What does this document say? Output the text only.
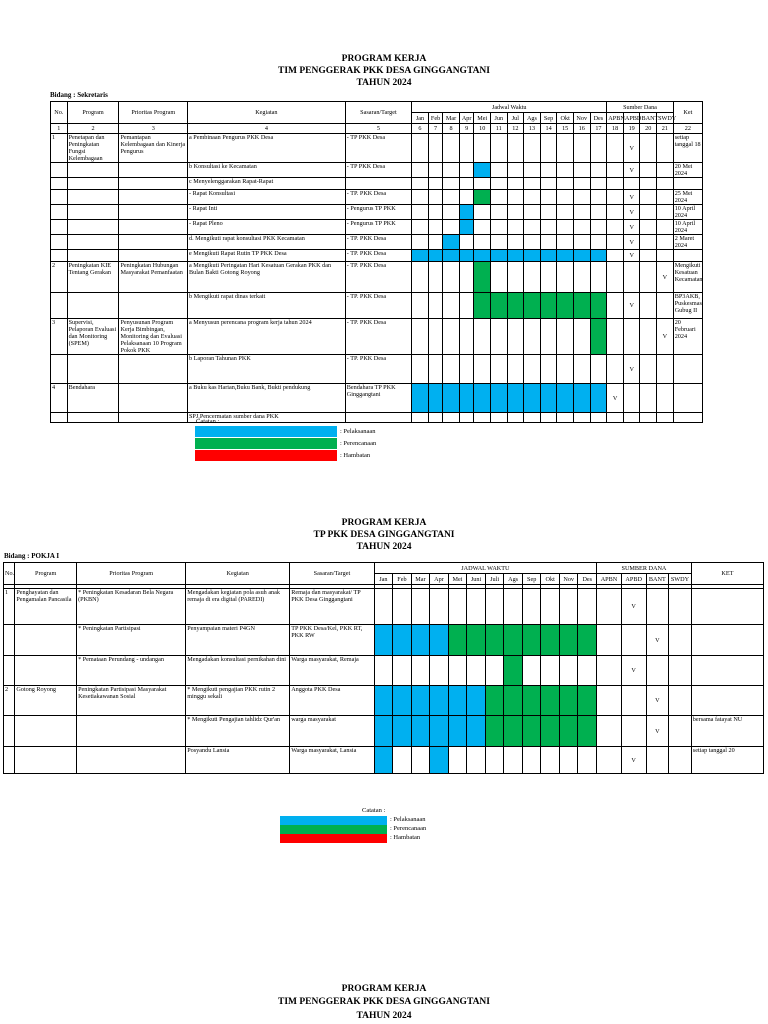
PROGRAM KERJA
TIM PENGGERAK PKK DESA GINGGANGTANI
TAHUN 2024
Bidang : Sekretaris
No.	Program	Prioritas Program	Kegiatan	Sasaran/Target	Jadwal Waktu												Sumber Dana				Ket
					Jan	Feb	Mar	Apr	Mei	Jun	Jul	Ags	Sep	Okt	Nov	Des	APBN	APBD	BANT	SWDY	
1	2	3	4	5	6	7	8	9	10	11	12	13	14	15	16	17	18	19	20	21	22
1	Penetapan dan Peningkatan Fungsi Kelembagaan	Pemantapan Kelembagaan dan Kinerja Pengurus	a Pembinaan Pengurus PKK Desa	- TP PKK Desa														V			setiap tanggal 18
			b Konsultasi ke Kecamatan	- TP PKK Desa														V			20 Mei 2024
			c Menyelenggarakan Rapat-Rapat																		
			- Rapat Konsultasi	- TP. PKK Desa														V			25 Mei 2024
			- Rapat Inti	- Pengurus TP PKK														V			10 April 2024
			- Rapat Pleno	- Pengurus TP PKK														V			10 April 2024
			d. Mengikuti rapat konsultasi PKK Kecamatan	- TP. PKK Desa														V			2 Maret 2024
			e Mengikuti Rapat Rutin TP PKK Desa	- TP. PKK Desa														V			
2	Peningkatan KIE Tentang Gerakan	Peningkatan Hubungan Masyarakat Pemanfaatan	a Mengikuti Peringatan Hari Kesatuan Gerakan PKK dan Bulan Bakti Gotong Royong	- TP. PKK Desa																V	Mengikuti Kesatuan Kecamatan
			b Mengikuti rapat dinas terkait	- TP. PKK Desa														V			BP3AKB, Puskesmas Gubug II
3	Supervisi, Pelaporan Evaluasi dan Monitoring (SPEM)	Penyusunan Program Kerja Bimbingan, Monitoring dan Evaluasi Pelaksanaan 10 Program Pokok PKK	a Menyusun perencana program kerja tahun 2024	- TP. PKK Desa																V	20 Februari 2024
			b Laporan Tahunan PKK	- TP. PKK Desa														V			
4	Bendahara		a Buku kas Harian,Buku Bank, Bukti pendukung	Bendahara TP PKK Ginggangtani													V				
			SPJ,Pencermatan sumber dana PKK																		
Catatan :
: Pelaksanaan
: Perencanaan
: Hambatan
PROGRAM KERJA
TP PKK DESA GINGGANGTANI
TAHUN 2024
Bidang : POKJA I
No.	Program	Prioritas Program	Kegiatan	Sasaran/Target	JADWAL WAKTU												SUMBER DANA				KET
					Jan	Feb	Mar	Apr	Mei	Juni	Juli	Ags	Sep	Okt	Nov	Des	APBN	APBD	BANT	SWDY	

1	Penghayatan dan Pengamalan Pancasila	* Peningkatan Kesadaran Bela Negara (PKBN)	Mengadakan kegiatan pola asuh anak remaja di era digital (PAREDI)	Remaja dan masyarakat/ TP PKK Desa Ginggangtani														V			
		* Peningkatan Partisipasi	Penyampaian materi P4GN	TP PKK Desa/Kel, PKK RT, PKK RW															V		
		* Pemataan Perundang - undangan	Mengadakan konsultasi pernikahan dini	Warga masyarakat, Remaja														V			
2	Gotong Royong	Peningkatan Partisipasi Masyarakat Kesetiakawanan Sosial	* Mengikuti pengajian PKK rutin 2 minggu sekali	Anggota PKK Desa															V		
			* Mengikuti Pengajian tahlidz Qur'an	warga masyarakat															V		bersama fatayat NU
			Posyandu Lansia	Warga masyarakat, Lansia														V			setiap tanggal 20
Catatan :
: Pelaksanaan
: Perencanaan
: Hambatan
PROGRAM KERJA
TIM PENGGERAK PKK DESA GINGGANGTANI
TAHUN 2024
